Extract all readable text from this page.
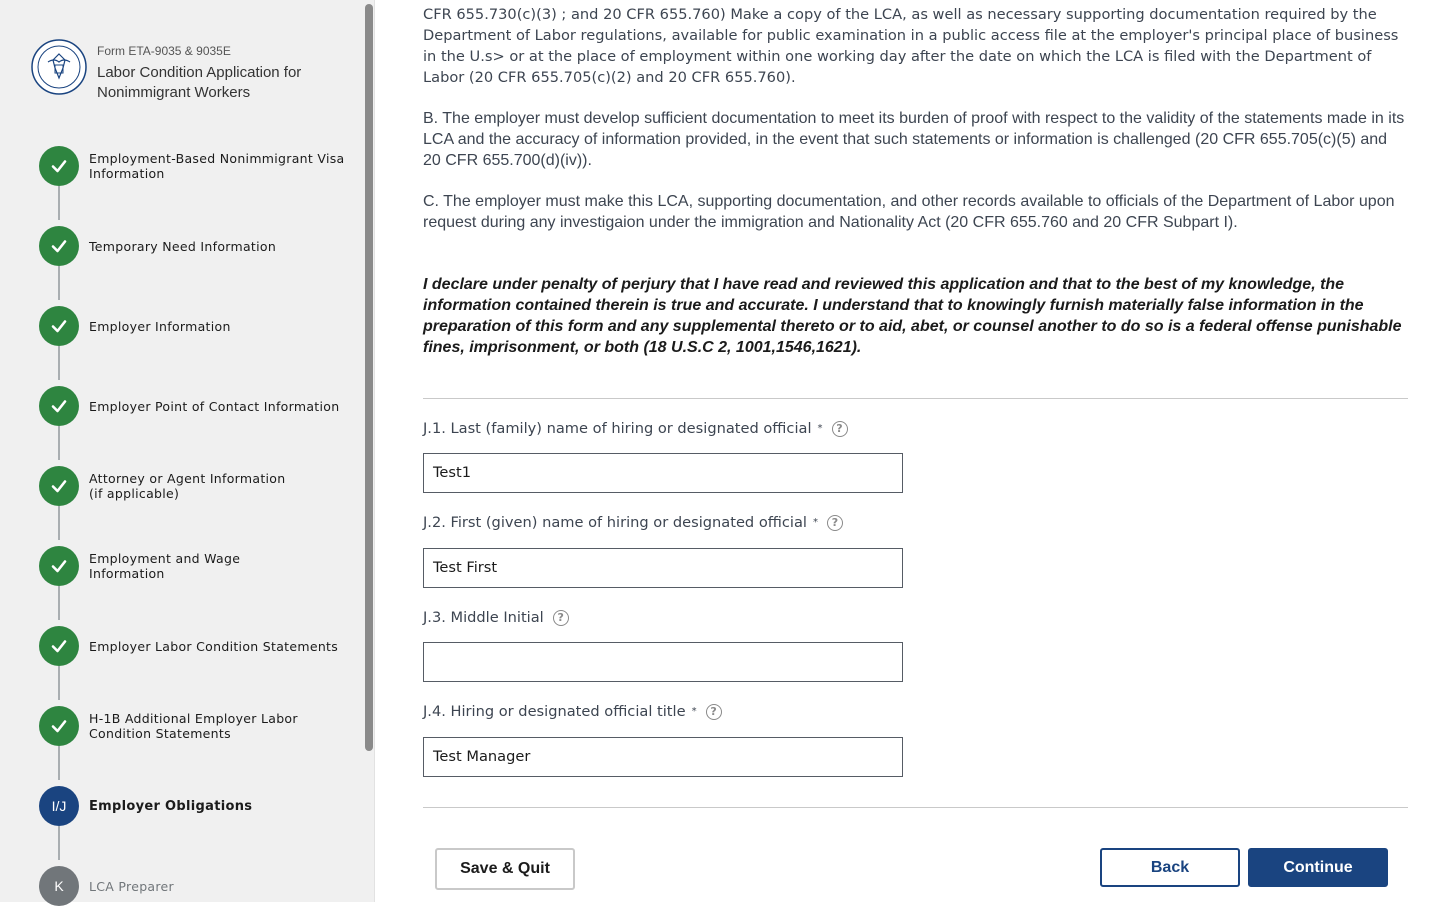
Form ETA-9035 & 9035E
Labor Condition Application for Nonimmigrant Workers
Employment-Based Nonimmigrant Visa
Information
Temporary Need Information
Employer Information
Employer Point of Contact Information
Attorney or Agent Information
(if applicable)
Employment and Wage
Information
Employer Labor Condition Statements
H-1B Additional Employer Labor
Condition Statements
I/J	Employer Obligations
K	LCA Preparer
CFR 655.730(c)(3) ; and 20 CFR 655.760) Make a copy of the LCA, as well as necessary supporting documentation required by the Department of Labor regulations, available for public examination in a public access file at the employer's principal place of business in the U.s> or at the place of employment within one working day after the date on which the LCA is filed with the Department of Labor (20 CFR 655.705(c)(2) and 20 CFR 655.760).
B. The employer must develop sufficient documentation to meet its burden of proof with respect to the validity of the statements made in its LCA and the accuracy of information provided, in the event that such statements or information is challenged (20 CFR 655.705(c)(5) and 20 CFR 655.700(d)(iv)).
C. The employer must make this LCA, supporting documentation, and other records available to officials of the Department of Labor upon request during any investigaion under the immigration and Nationality Act (20 CFR 655.760 and 20 CFR Subpart I).
I declare under penalty of perjury that I have read and reviewed this application and that to the best of my knowledge, the information contained therein is true and accurate. I understand that to knowingly furnish materially false information in the preparation of this form and any supplemental thereto or to aid, abet, or counsel another to do so is a federal offense punishable fines, imprisonment, or both (18 U.S.C 2, 1001,1546,1621).
J.1. Last (family) name of hiring or designated official *	?
Test1
J.2. First (given) name of hiring or designated official *	?
Test First
J.3. Middle Initial	?
J.4. Hiring or designated official title *	?
Test Manager
Save & Quit	Back	Continue
